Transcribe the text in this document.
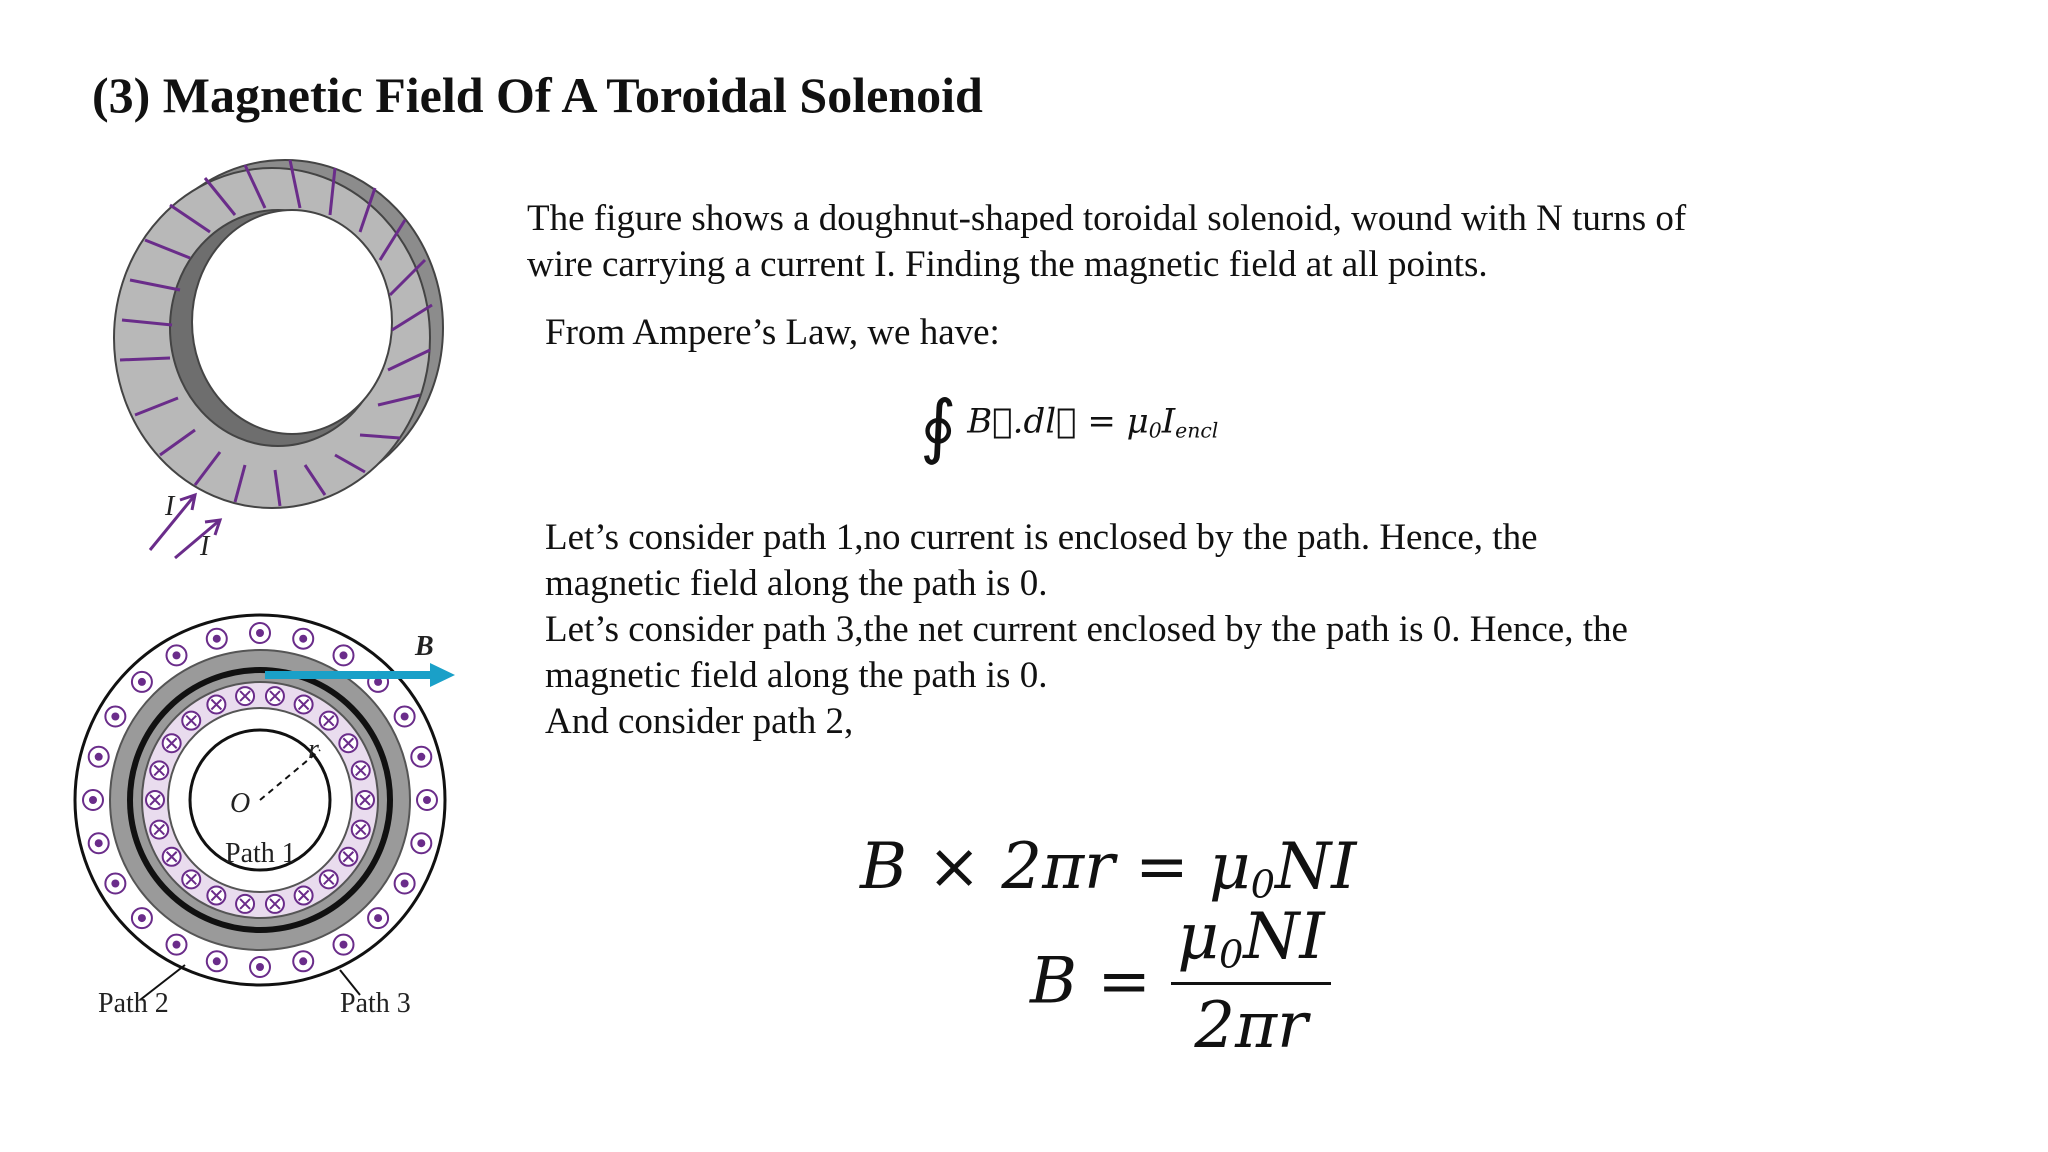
(3) Magnetic Field Of A Toroidal Solenoid
The figure shows a doughnut-shaped toroidal solenoid, wound with N turns of
wire carrying a current I. Finding the magnetic field at all points.
From Ampere’s Law, we have:
∮ B⃗.dl⃗ = $\mu_0I_{encl}$
Let’s consider path 1,no current is enclosed by the path. Hence, the
magnetic field along the path is 0.
Let’s consider path 3,the net current enclosed by the path is 0. Hence, the
magnetic field along the path is 0.
And consider path 2,
$B \times 2\pi r = \mu_0NI$
$B = \frac{\mu_0NI}{2\pi r}$
I
I
B⃗
r
O
Path 1
Path 2	Path 3
